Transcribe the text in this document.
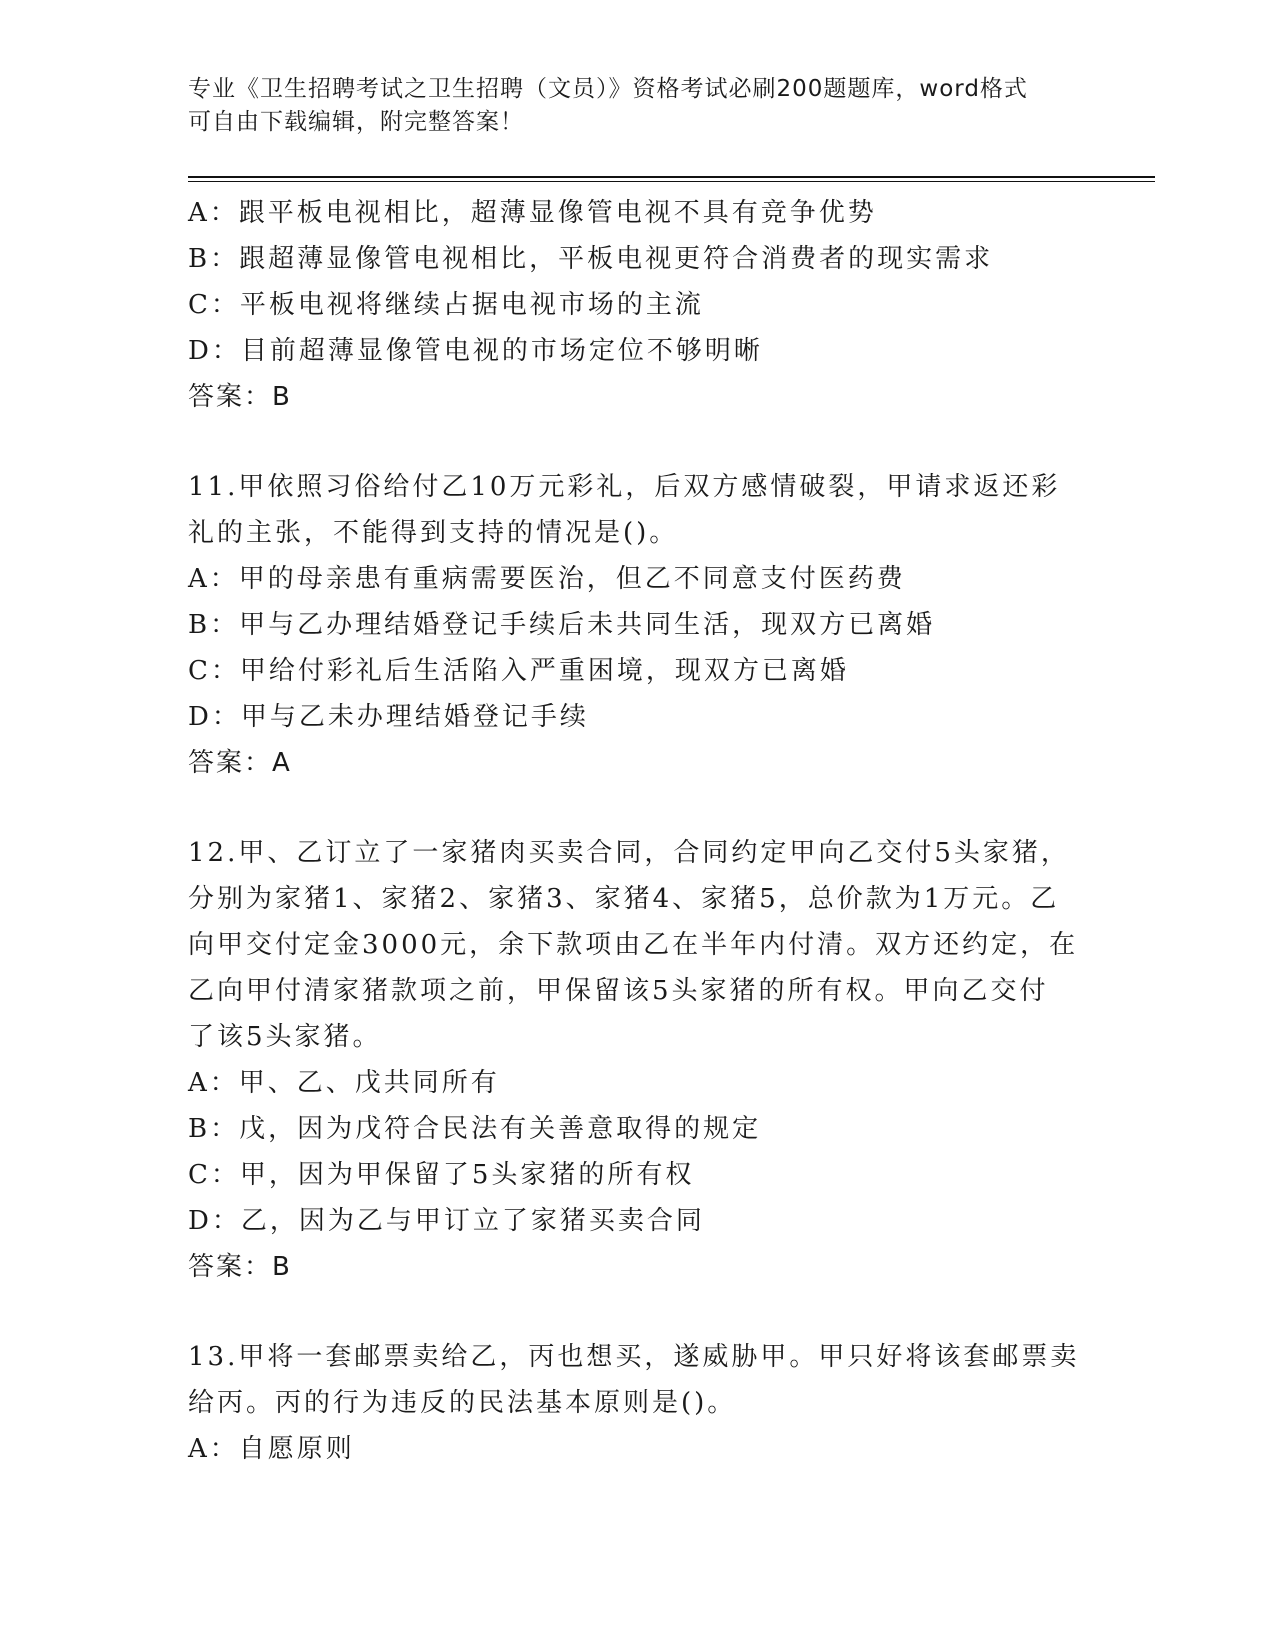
专业《卫生招聘考试之卫生招聘（文员）》资格考试必刷200题题库，word格式
可自由下载编辑，附完整答案！
A：跟平板电视相比，超薄显像管电视不具有竞争优势
B：跟超薄显像管电视相比，平板电视更符合消费者的现实需求
C：平板电视将继续占据电视市场的主流
D：目前超薄显像管电视的市场定位不够明晰
答案：B
11.甲依照习俗给付乙10万元彩礼，后双方感情破裂，甲请求返还彩
礼的主张，不能得到支持的情况是()。
A：甲的母亲患有重病需要医治，但乙不同意支付医药费
B：甲与乙办理结婚登记手续后未共同生活，现双方已离婚
C：甲给付彩礼后生活陷入严重困境，现双方已离婚
D：甲与乙未办理结婚登记手续
答案：A
12.甲、乙订立了一家猪肉买卖合同，合同约定甲向乙交付5头家猪，
分别为家猪1、家猪2、家猪3、家猪4、家猪5，总价款为1万元。乙
向甲交付定金3000元，余下款项由乙在半年内付清。双方还约定，在
乙向甲付清家猪款项之前，甲保留该5头家猪的所有权。甲向乙交付
了该5头家猪。
A：甲、乙、戊共同所有
B：戊，因为戊符合民法有关善意取得的规定
C：甲，因为甲保留了5头家猪的所有权
D：乙，因为乙与甲订立了家猪买卖合同
答案：B
13.甲将一套邮票卖给乙，丙也想买，遂威胁甲。甲只好将该套邮票卖
给丙。丙的行为违反的民法基本原则是()。
A：自愿原则
